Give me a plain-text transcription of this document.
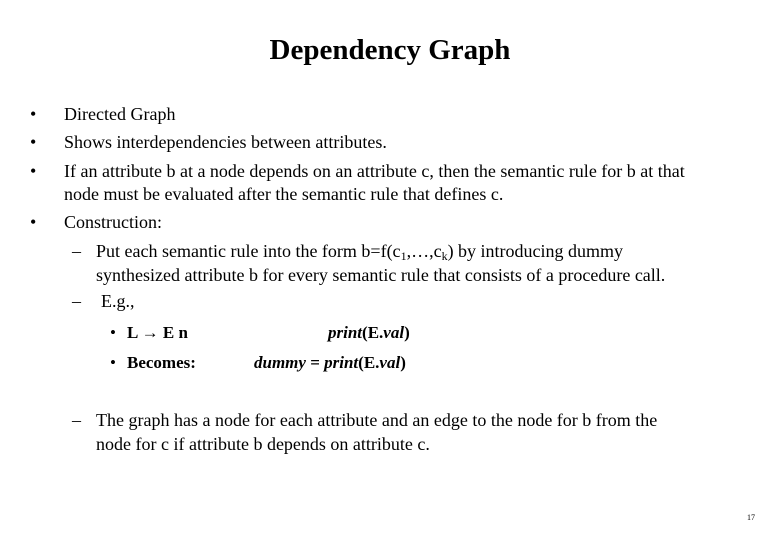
Dependency Graph
• Directed Graph
• Shows interdependencies between attributes.
• If an attribute b at a node depends on an attribute c, then the semantic rule for b at that
node must be evaluated after the semantic rule that defines c.
• Construction:
– Put each semantic rule into the form $b=f(c_1,\dots,c_k)$ by introducing dummy
synthesized attribute b for every semantic rule that consists of a procedure call.
– E.g.,
• L → E n	print(E.val)
• Becomes:	dummy = print(E.val)
– The graph has a node for each attribute and an edge to the node for b from the
node for c if attribute b depends on attribute c.
17
